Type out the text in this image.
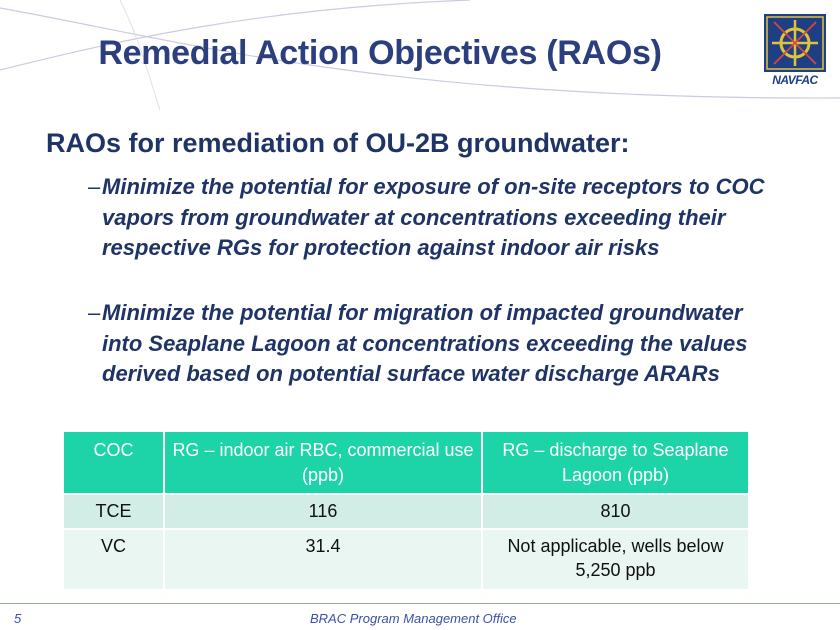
Remedial Action Objectives (RAOs)
NAVFAC
RAOs for remediation of OU-2B groundwater:
– Minimize the potential for exposure of on-site receptors to COC vapors from groundwater at concentrations exceeding their respective RGs for protection against indoor air risks
– Minimize the potential for migration of impacted groundwater into Seaplane Lagoon at concentrations exceeding the values derived based on potential surface water discharge ARARs
COC	RG – indoor air RBC, commercial use (ppb)	RG – discharge to Seaplane Lagoon (ppb)
TCE	116	810
VC	31.4	Not applicable, wells below 5,250 ppb
5	BRAC Program Management Office
